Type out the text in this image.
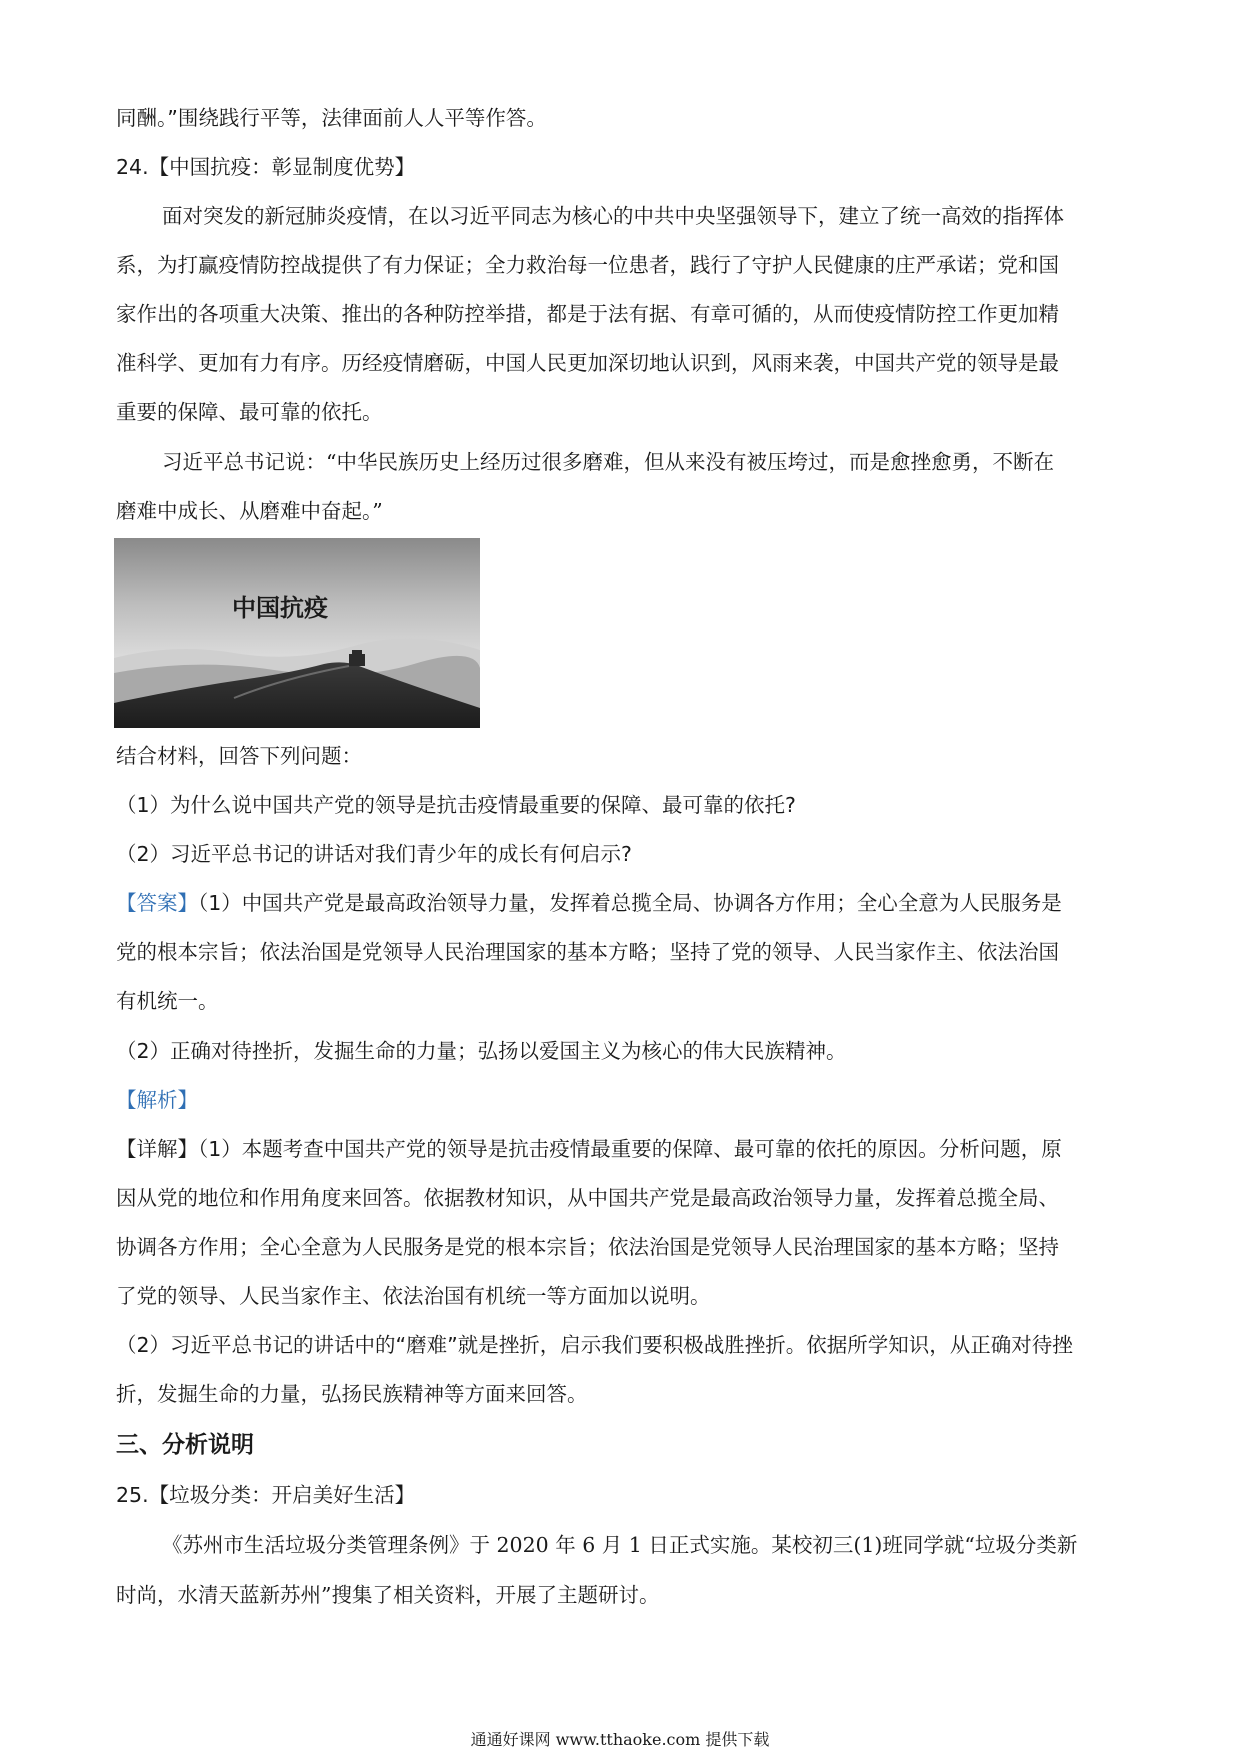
同酬。”围绕践行平等，法律面前人人平等作答。
24.【中国抗疫：彰显制度优势】
面对突发的新冠肺炎疫情，在以习近平同志为核心的中共中央坚强领导下，建立了统一高效的指挥体
系，为打赢疫情防控战提供了有力保证；全力救治每一位患者，践行了守护人民健康的庄严承诺；党和国
家作出的各项重大决策、推出的各种防控举措，都是于法有据、有章可循的，从而使疫情防控工作更加精
准科学、更加有力有序。历经疫情磨砺，中国人民更加深切地认识到，风雨来袭，中国共产党的领导是最
重要的保障、最可靠的依托。
习近平总书记说：“中华民族历史上经历过很多磨难，但从来没有被压垮过，而是愈挫愈勇，不断在
磨难中成长、从磨难中奋起。”
中国抗疫
结合材料，回答下列问题：
（1）为什么说中国共产党的领导是抗击疫情最重要的保障、最可靠的依托?
（2）习近平总书记的讲话对我们青少年的成长有何启示?
【答案】（1）中国共产党是最高政治领导力量，发挥着总揽全局、协调各方作用；全心全意为人民服务是
党的根本宗旨；依法治国是党领导人民治理国家的基本方略；坚持了党的领导、人民当家作主、依法治国
有机统一。
（2）正确对待挫折，发掘生命的力量；弘扬以爱国主义为核心的伟大民族精神。
【解析】
【详解】（1）本题考查中国共产党的领导是抗击疫情最重要的保障、最可靠的依托的原因。分析问题，原
因从党的地位和作用角度来回答。依据教材知识，从中国共产党是最高政治领导力量，发挥着总揽全局、
协调各方作用；全心全意为人民服务是党的根本宗旨；依法治国是党领导人民治理国家的基本方略；坚持
了党的领导、人民当家作主、依法治国有机统一等方面加以说明。
（2）习近平总书记的讲话中的“磨难”就是挫折，启示我们要积极战胜挫折。依据所学知识，从正确对待挫
折，发掘生命的力量，弘扬民族精神等方面来回答。
三、分析说明
25.【垃圾分类：开启美好生活】
《苏州市生活垃圾分类管理条例》于 2020 年 6 月 1 日正式实施。某校初三(1)班同学就“垃圾分类新
时尚，水清天蓝新苏州”搜集了相关资料，开展了主题研讨。
通通好课网 www.tthaoke.com 提供下载
